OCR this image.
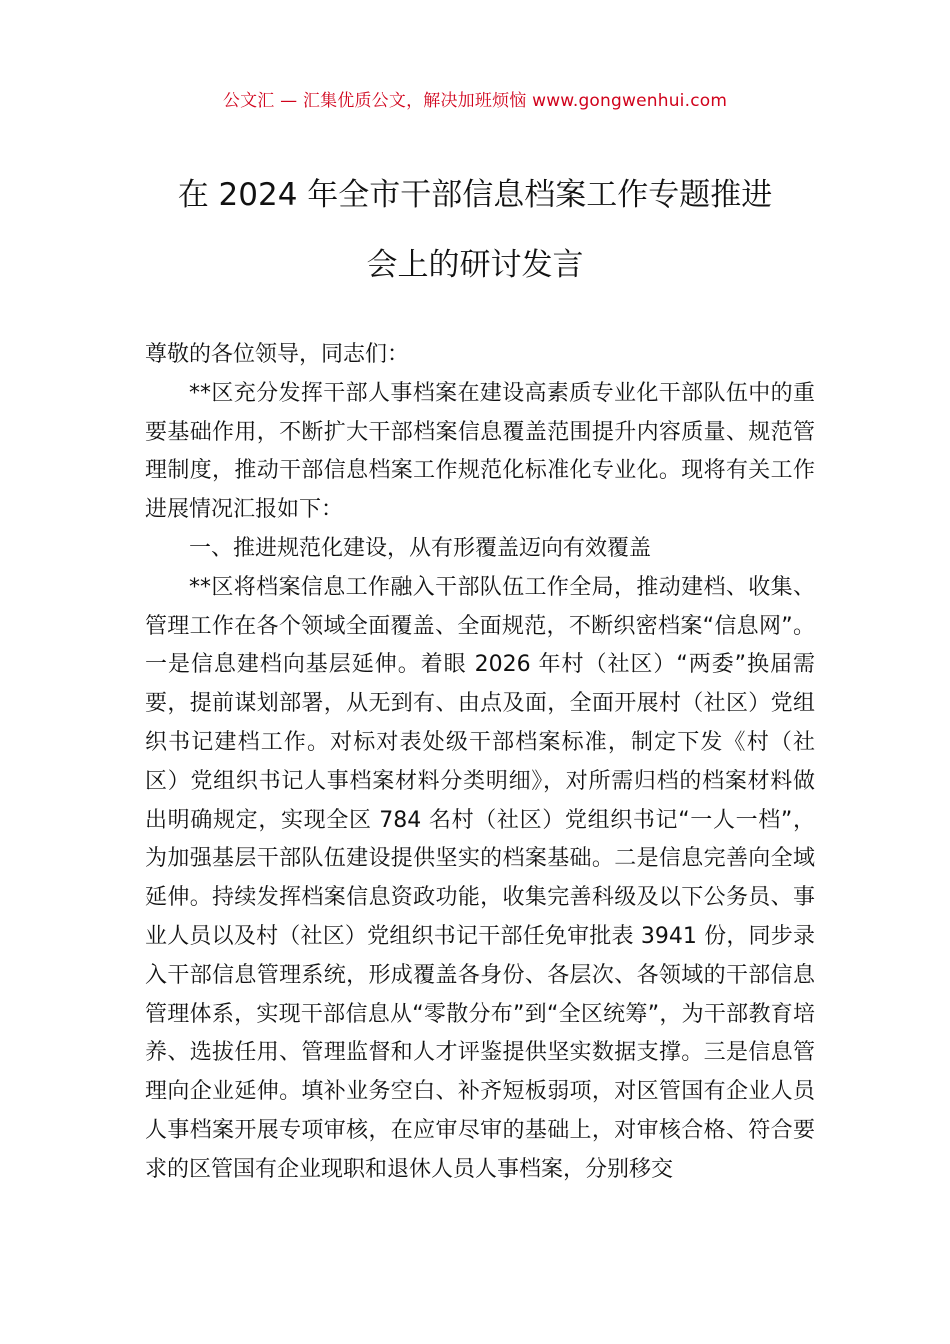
公文汇 — 汇集优质公文，解决加班烦恼 www.gongwenhui.com
在 2024 年全市干部信息档案工作专题推进
会上的研讨发言

尊敬的各位领导，同志们：

**区充分发挥干部人事档案在建设高素质专业化干部队伍中的重要基础作用，不断扩大干部档案信息覆盖范围提升内容质量、规范管理制度，推动干部信息档案工作规范化标准化专业化。现将有关工作进展情况汇报如下：

一、推进规范化建设，从有形覆盖迈向有效覆盖

**区将档案信息工作融入干部队伍工作全局，推动建档、收集、管理工作在各个领域全面覆盖、全面规范，不断织密档案“信息网”。一是信息建档向基层延伸。着眼 2026 年村（社区）“两委”换届需要，提前谋划部署，从无到有、由点及面，全面开展村（社区）党组织书记建档工作。对标对表处级干部档案标准，制定下发《村（社区）党组织书记人事档案材料分类明细》，对所需归档的档案材料做出明确规定，实现全区 784 名村（社区）党组织书记“一人一档”，为加强基层干部队伍建设提供坚实的档案基础。二是信息完善向全域延伸。持续发挥档案信息资政功能，收集完善科级及以下公务员、事业人员以及村（社区）党组织书记干部任免审批表 3941 份，同步录入干部信息管理系统，形成覆盖各身份、各层次、各领域的干部信息管理体系，实现干部信息从“零散分布”到“全区统筹”，为干部教育培养、选拔任用、管理监督和人才评鉴提供坚实数据支撑。三是信息管理向企业延伸。填补业务空白、补齐短板弱项，对区管国有企业人员人事档案开展专项审核，在应审尽审的基础上，对审核合格、符合要求的区管国有企业现职和退休人员人事档案，分别移交
